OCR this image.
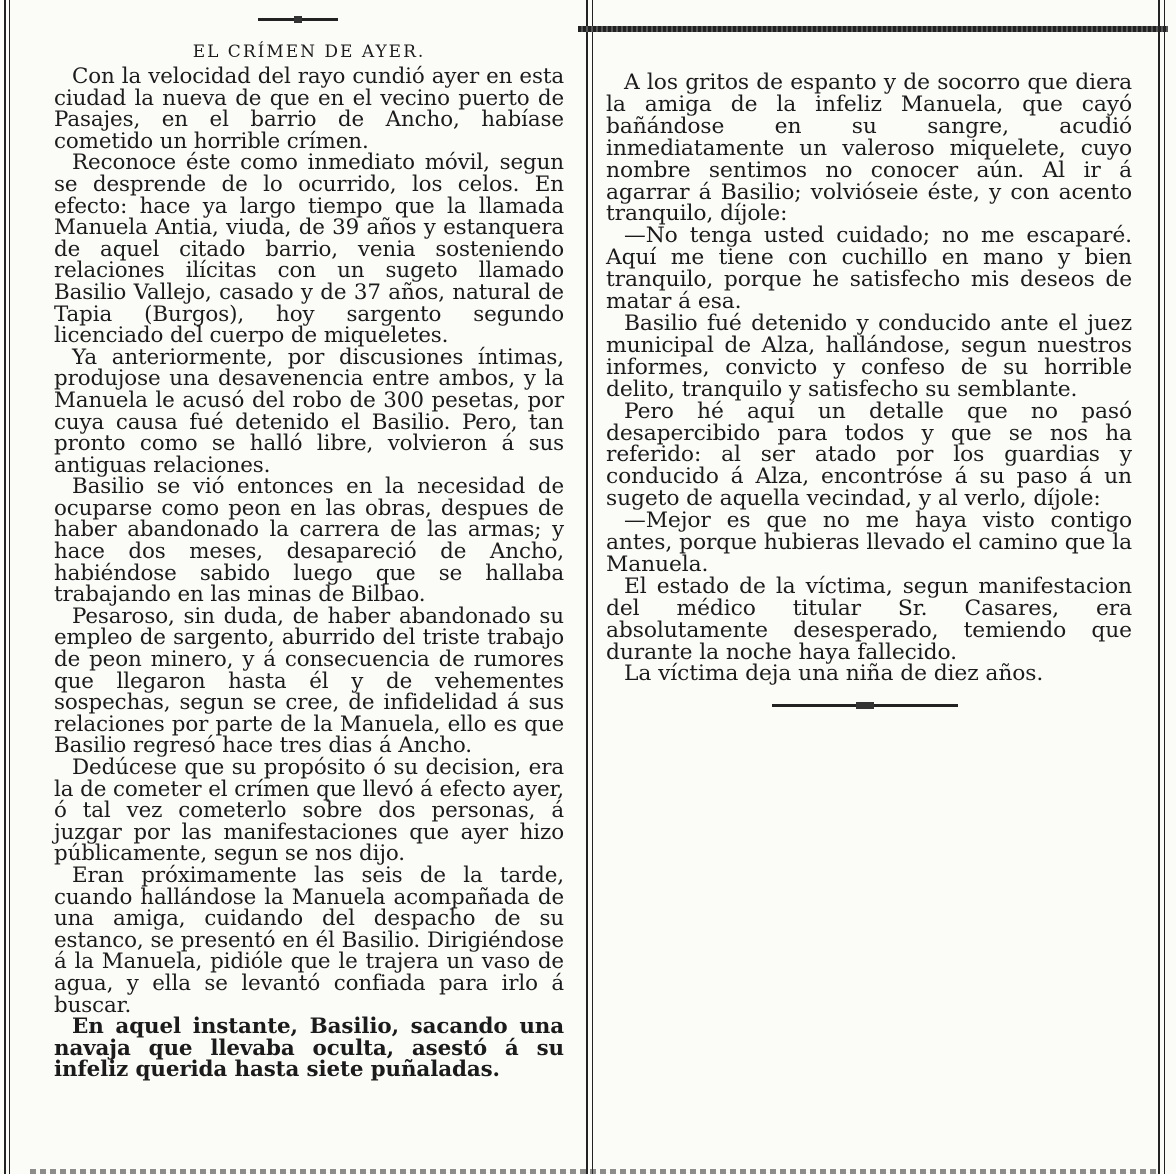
EL CRÍMEN DE AYER.

Con la velocidad del rayo cundió ayer en esta ciudad la nueva de que en el vecino puerto de Pasajes, en el barrio de Ancho, habíase cometido un horrible crímen.

Reconoce éste como inmediato móvil, segun se desprende de lo ocurrido, los celos. En efecto: hace ya largo tiempo que la llamada Manuela Antia, viuda, de 39 años y estanquera de aquel citado barrio, venia sosteniendo relaciones ilícitas con un sugeto llamado Basilio Vallejo, casado y de 37 años, natural de Tapia (Burgos), hoy sargento segundo licenciado del cuerpo de miqueletes.

Ya anteriormente, por discusiones íntimas, produjose una desavenencia entre ambos, y la Manuela le acusó del robo de 300 pesetas, por cuya causa fué detenido el Basilio. Pero, tan pronto como se halló libre, volvieron á sus antiguas relaciones.

Basilio se vió entonces en la necesidad de ocuparse como peon en las obras, despues de haber abandonado la carrera de las armas; y hace dos meses, desapareció de Ancho, habiéndose sabido luego que se hallaba trabajando en las minas de Bilbao.

Pesaroso, sin duda, de haber abandonado su empleo de sargento, aburrido del triste trabajo de peon minero, y á consecuencia de rumores que llegaron hasta él y de vehementes sospechas, segun se cree, de infidelidad á sus relaciones por parte de la Manuela, ello es que Basilio regresó hace tres dias á Ancho.

Dedúcese que su propósito ó su decision, era la de cometer el crímen que llevó á efecto ayer, ó tal vez cometerlo sobre dos personas, á juzgar por las manifestaciones que ayer hizo públicamente, segun se nos dijo.

Eran próximamente las seis de la tarde, cuando hallándose la Manuela acompañada de una amiga, cuidando del despacho de su estanco, se presentó en él Basilio. Dirigiéndose á la Manuela, pidióle que le trajera un vaso de agua, y ella se levantó confiada para irlo á buscar.

En aquel instante, Basilio, sacando una navaja que llevaba oculta, asestó á su infeliz querida hasta siete puñaladas.

A los gritos de espanto y de socorro que diera la amiga de la infeliz Manuela, que cayó bañándose en su sangre, acudió inmediatamente un valeroso miquelete, cuyo nombre sentimos no conocer aún. Al ir á agarrar á Basilio; volvióseie éste, y con acento tranquilo, díjole:

—No tenga usted cuidado; no me escaparé. Aquí me tiene con cuchillo en mano y bien tranquilo, porque he satisfecho mis deseos de matar á esa.

Basilio fué detenido y conducido ante el juez municipal de Alza, hallándose, segun nuestros informes, convicto y confeso de su horrible delito, tranquilo y satisfecho su semblante.

Pero hé aquí un detalle que no pasó desapercibido para todos y que se nos ha referido: al ser atado por los guardias y conducido á Alza, encontróse á su paso á un sugeto de aquella vecindad, y al verlo, díjole:

—Mejor es que no me haya visto contigo antes, porque hubieras llevado el camino que la Manuela.

El estado de la víctima, segun manifestacion del médico titular Sr. Casares, era absolutamente desesperado, temiendo que durante la noche haya fallecido.

La víctima deja una niña de diez años.
